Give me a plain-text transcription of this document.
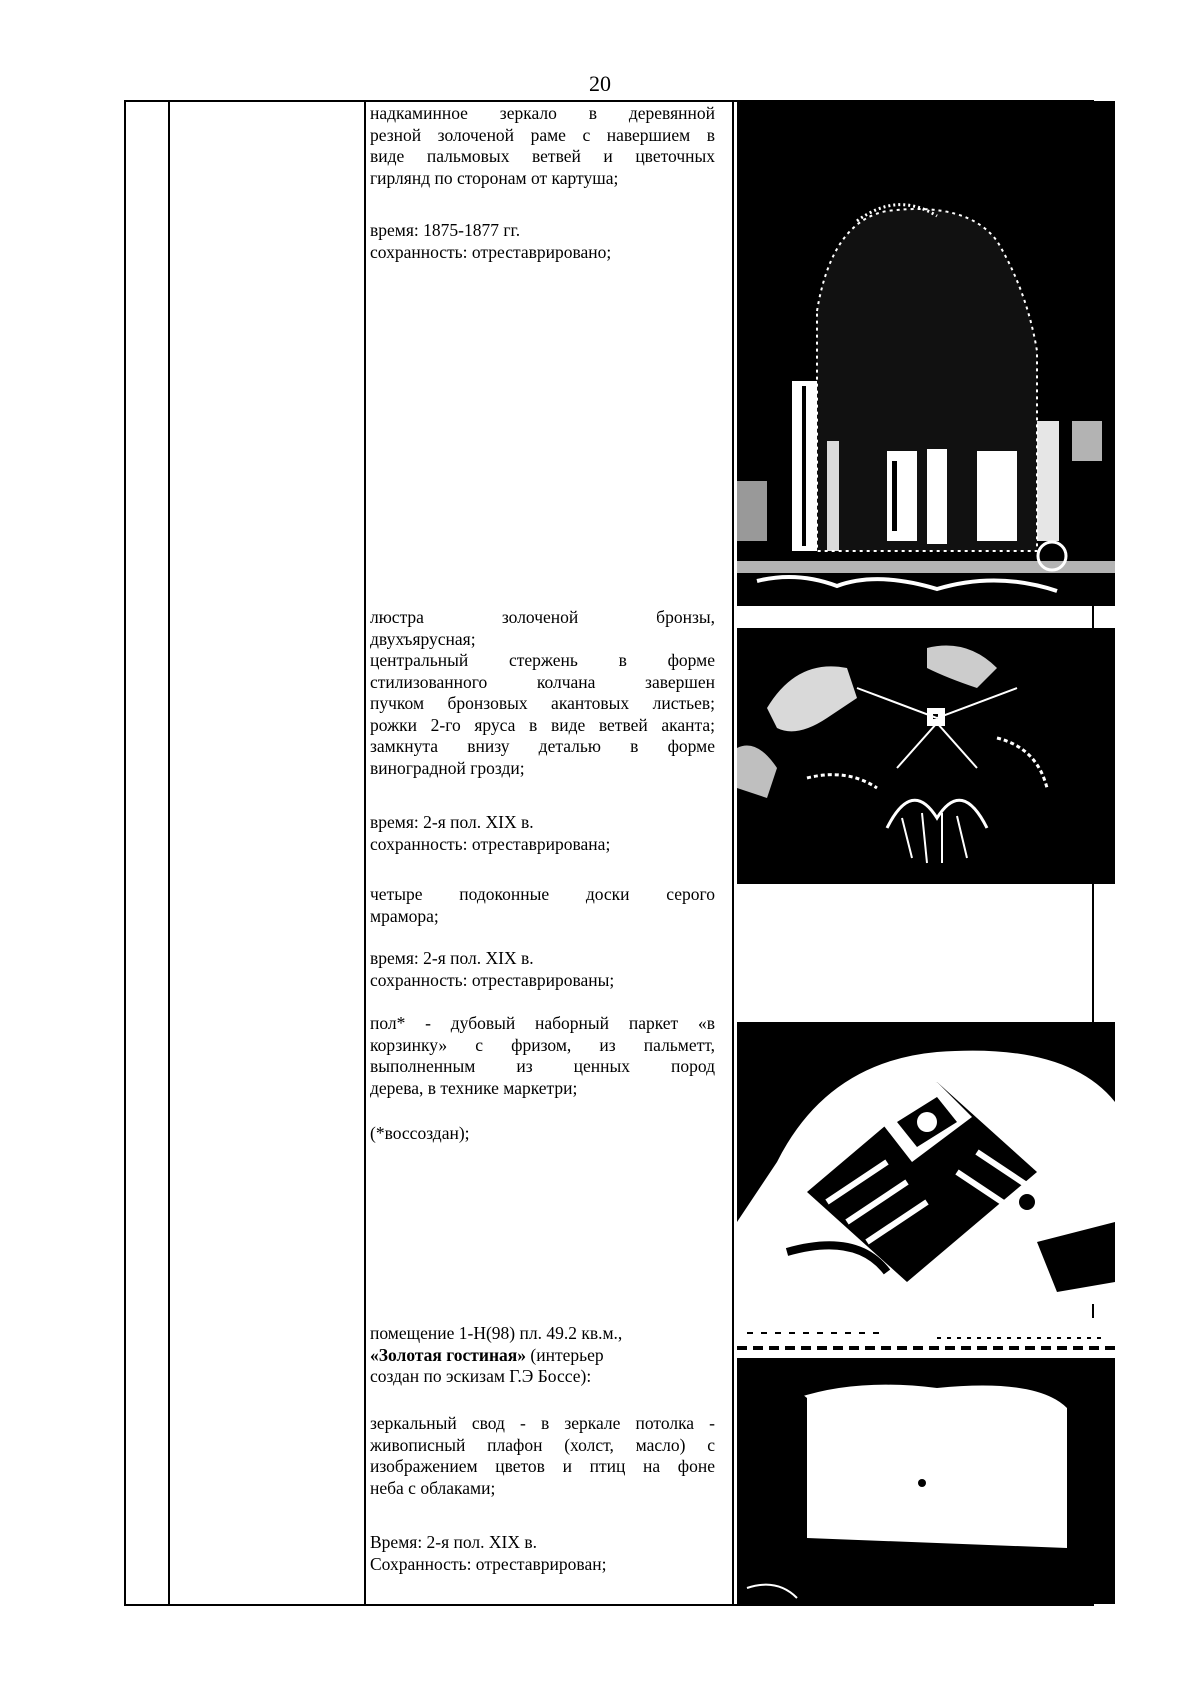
20

надкаминное зеркало в деревянной

резной золоченой раме с навершием в

виде пальмовых ветвей и цветочных

гирлянд по сторонам от картуша;

время: 1875-1877 гг.

сохранность: отреставрировано;

люстра золоченой бронзы,

двухъярусная;

центральный стержень в форме

стилизованного колчана завершен

пучком бронзовых акантовых листьев;

рожки 2-го яруса в виде ветвей аканта;

замкнута внизу деталью в форме

виноградной грозди;

время: 2-я пол. XIX в.

сохранность: отреставрирована;

четыре подоконные доски серого

мрамора;

время: 2-я пол. XIX в.

сохранность: отреставрированы;

пол* - дубовый наборный паркет «в

корзинку» с фризом, из пальметт,

выполненным из ценных пород

дерева, в технике маркетри;

(*воссоздан);

помещение 1-Н(98) пл. 49.2 кв.м.,

«Золотая гостиная» (интерьер

создан по эскизам Г.Э Боссе):

зеркальный свод - в зеркале потолка -

живописный плафон (холст, масло) с

изображением цветов и птиц на фоне

неба с облаками;

Время: 2-я пол. XIX в.

Сохранность: отреставрирован;
